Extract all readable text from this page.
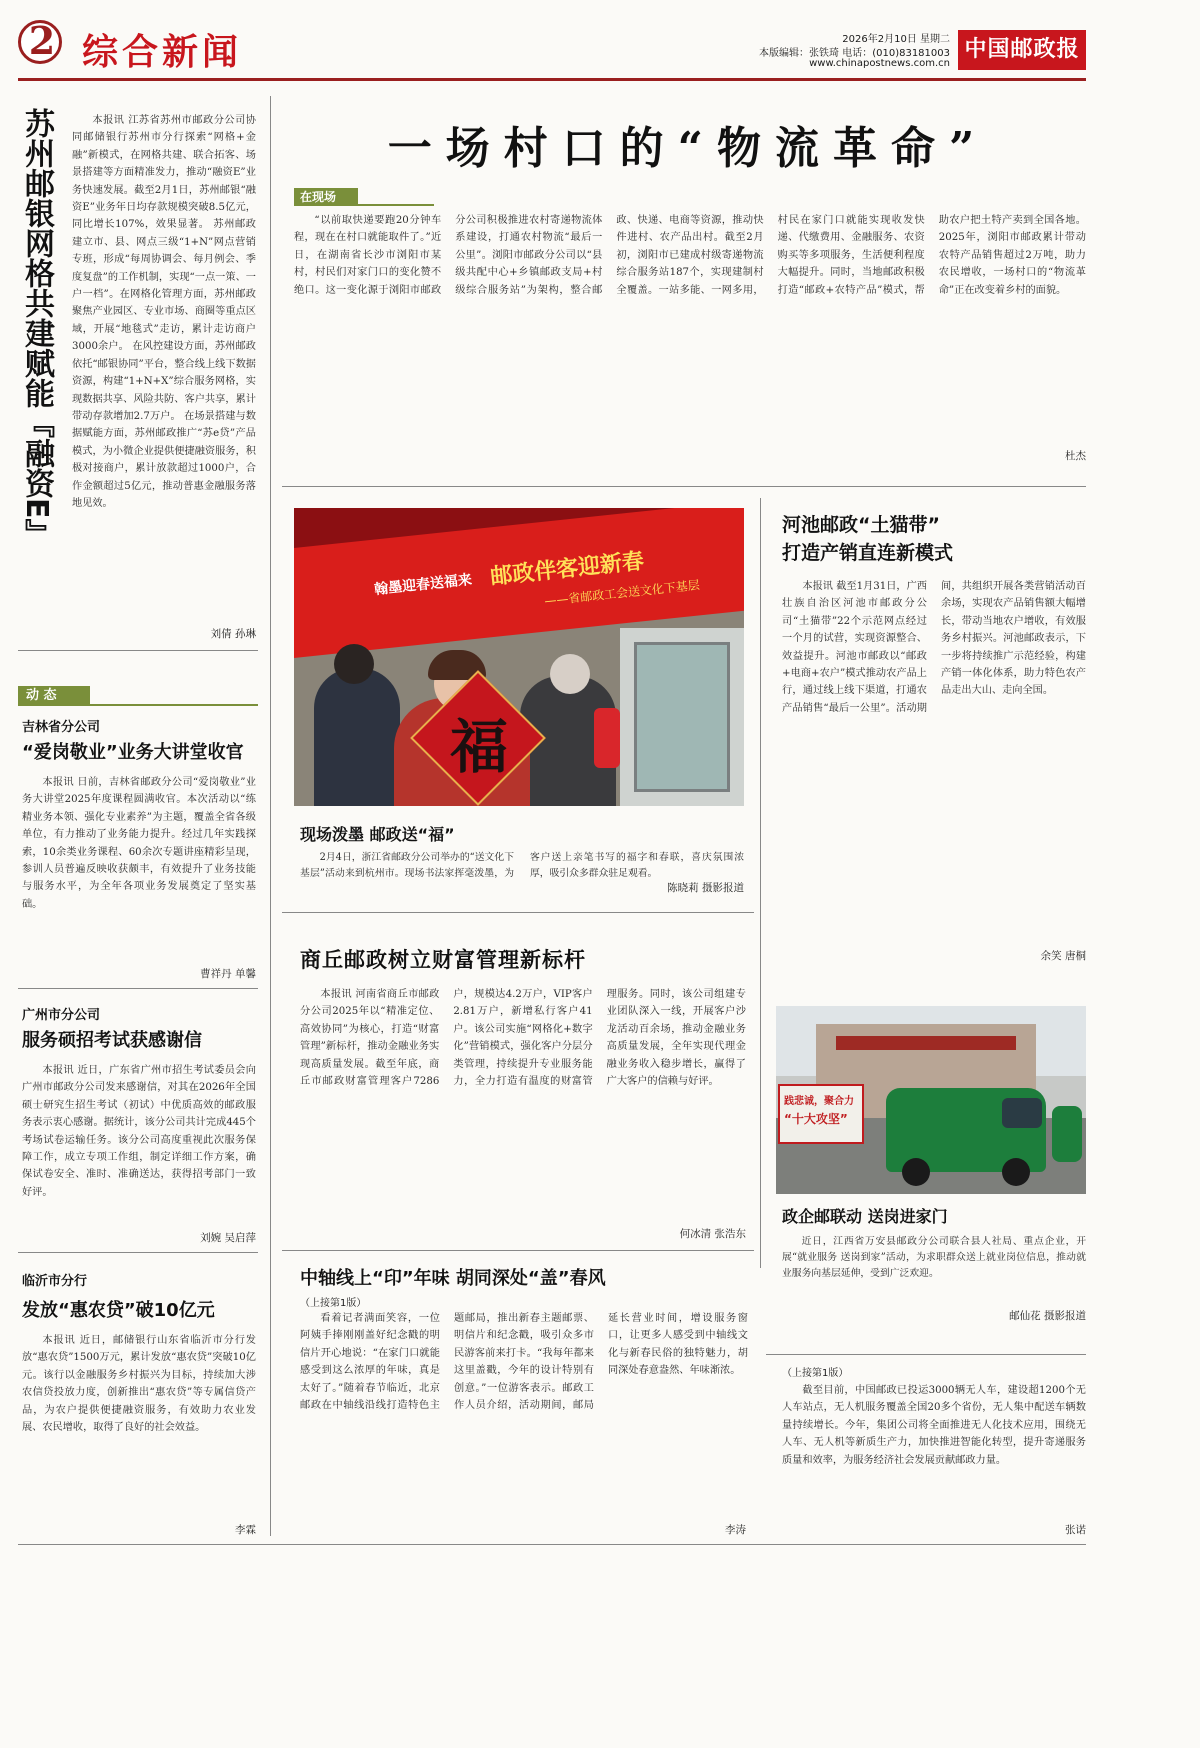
2 综合新闻	2026年2月10日 星期二
本版编辑：张铁琦 电话：(010)83181003
www.chinapostnews.com.cn
中国邮政报
苏州邮银网格共建赋能『融资E』	本报讯 江苏省苏州市邮政分公司协同邮储银行苏州市分行探索“网格+金融”新模式，在网格共建、联合拓客、场景搭建等方面精准发力，推动“融资E”业务快速发展。截至2月1日，苏州邮银“融资E”业务年日均存款规模突破8.5亿元，同比增长107%，效果显著。 苏州邮政建立市、县、网点三级“1+N”网点营销专班，形成“每周协调会、每月例会、季度复盘”的工作机制，实现“一点一策、一户一档”。在网格化管理方面，苏州邮政聚焦产业园区、专业市场、商圈等重点区域，开展“地毯式”走访，累计走访商户3000余户。 在风控建设方面，苏州邮政依托“邮银协同”平台，整合线上线下数据资源，构建“1+N+X”综合服务网格，实现数据共享、风险共防、客户共享，累计带动存款增加2.7万户。 在场景搭建与数据赋能方面，苏州邮政推广“苏e贷”产品模式，为小微企业提供便捷融资服务，积极对接商户，累计放款超过1000户，合作金额超过5亿元，推动普惠金融服务落地见效。
刘倩 孙琳
动 态
吉林省分公司
“爱岗敬业”业务大讲堂收官
本报讯 日前，吉林省邮政分公司“爱岗敬业”业务大讲堂2025年度课程圆满收官。本次活动以“练精业务本领、强化专业素养”为主题，覆盖全省各级单位，有力推动了业务能力提升。经过几年实践探索，10余类业务课程、60余次专题讲座精彩呈现，参训人员普遍反映收获颇丰，有效提升了业务技能与服务水平，为全年各项业务发展奠定了坚实基础。
曹祥丹 单馨
广州市分公司
服务硕招考试获感谢信
本报讯 近日，广东省广州市招生考试委员会向广州市邮政分公司发来感谢信，对其在2026年全国硕士研究生招生考试（初试）中优质高效的邮政服务表示衷心感谢。据统计，该分公司共计完成445个考场试卷运输任务。该分公司高度重视此次服务保障工作，成立专项工作组，制定详细工作方案，确保试卷安全、准时、准确送达，获得招考部门一致好评。
刘婉 吴启萍
临沂市分行
发放“惠农贷”破10亿元
本报讯 近日，邮储银行山东省临沂市分行发放“惠农贷”1500万元，累计发放“惠农贷”突破10亿元。该行以金融服务乡村振兴为目标，持续加大涉农信贷投放力度，创新推出“惠农贷”等专属信贷产品，为农户提供便捷融资服务，有效助力农业发展、农民增收，取得了良好的社会效益。
李霖
一场村口的“物流革命”
在现场
“以前取快递要跑20分钟车程，现在在村口就能取件了。”近日，在湖南省长沙市浏阳市某村，村民们对家门口的变化赞不绝口。这一变化源于浏阳市邮政分公司积极推进农村寄递物流体系建设，打通农村物流“最后一公里”。浏阳市邮政分公司以“县级共配中心+乡镇邮政支局+村级综合服务站”为架构，整合邮政、快递、电商等资源，推动快件进村、农产品出村。截至2月初，浏阳市已建成村级寄递物流综合服务站187个，实现建制村全覆盖。一站多能、一网多用，村民在家门口就能实现收发快递、代缴费用、金融服务、农资购买等多项服务，生活便利程度大幅提升。同时，当地邮政积极打造“邮政+农特产品”模式，帮助农户把土特产卖到全国各地。2025年，浏阳市邮政累计带动农特产品销售超过2万吨，助力农民增收，一场村口的“物流革命”正在改变着乡村的面貌。
杜杰
邮政伴客迎新春
——省邮政工会送文化下基层
翰墨迎春送福来
福
现场泼墨 邮政送“福”
2月4日，浙江省邮政分公司举办的“送文化下基层”活动来到杭州市。现场书法家挥毫泼墨，为客户送上亲笔书写的福字和春联，喜庆氛围浓厚，吸引众多群众驻足观看。
陈晓莉 摄影报道
河池邮政“土猫带”
打造产销直连新模式
本报讯 截至1月31日，广西壮族自治区河池市邮政分公司“土猫带”22个示范网点经过一个月的试营，实现资源整合、效益提升。河池市邮政以“邮政+电商+农户”模式推动农产品上行，通过线上线下渠道，打通农产品销售“最后一公里”。活动期间，共组织开展各类营销活动百余场，实现农产品销售额大幅增长，带动当地农户增收，有效服务乡村振兴。河池邮政表示，下一步将持续推广示范经验，构建产销一体化体系，助力特色农产品走出大山、走向全国。
余笑 唐桐
商丘邮政树立财富管理新标杆
本报讯 河南省商丘市邮政分公司2025年以“精准定位、高效协同”为核心，打造“财富管理”新标杆，推动金融业务实现高质量发展。截至年底，商丘市邮政财富管理客户7286户，规模达4.2万户，VIP客户2.81万户，新增私行客户41户。该公司实施“网格化+数字化”营销模式，强化客户分层分类管理，持续提升专业服务能力，全力打造有温度的财富管理服务。同时，该公司组建专业团队深入一线，开展客户沙龙活动百余场，推动金融业务高质量发展，全年实现代理金融业务收入稳步增长，赢得了广大客户的信赖与好评。
何冰清 张浩东
践悲诚，聚合力
“十大攻坚”
政企邮联动 送岗进家门
近日，江西省万安县邮政分公司联合县人社局、重点企业，开展“就业服务 送岗到家”活动，为求职群众送上就业岗位信息，推动就业服务向基层延伸，受到广泛欢迎。
邮仙花 摄影报道
中轴线上“印”年味 胡同深处“盖”春风
（上接第1版）
看着记者满面笑容，一位阿姨手捧刚刚盖好纪念戳的明信片开心地说：“在家门口就能感受到这么浓厚的年味，真是太好了。”随着春节临近，北京邮政在中轴线沿线打造特色主题邮局，推出新春主题邮票、明信片和纪念戳，吸引众多市民游客前来打卡。“我每年都来这里盖戳，今年的设计特别有创意。”一位游客表示。邮政工作人员介绍，活动期间，邮局延长营业时间，增设服务窗口，让更多人感受到中轴线文化与新春民俗的独特魅力，胡同深处春意盎然、年味渐浓。
李涛
（上接第1版）
截至目前，中国邮政已投运3000辆无人车，建设超1200个无人车站点，无人机服务覆盖全国20多个省份，无人集中配送车辆数量持续增长。今年，集团公司将全面推进无人化技术应用，围绕无人车、无人机等新质生产力，加快推进智能化转型，提升寄递服务质量和效率，为服务经济社会发展贡献邮政力量。
张诺
